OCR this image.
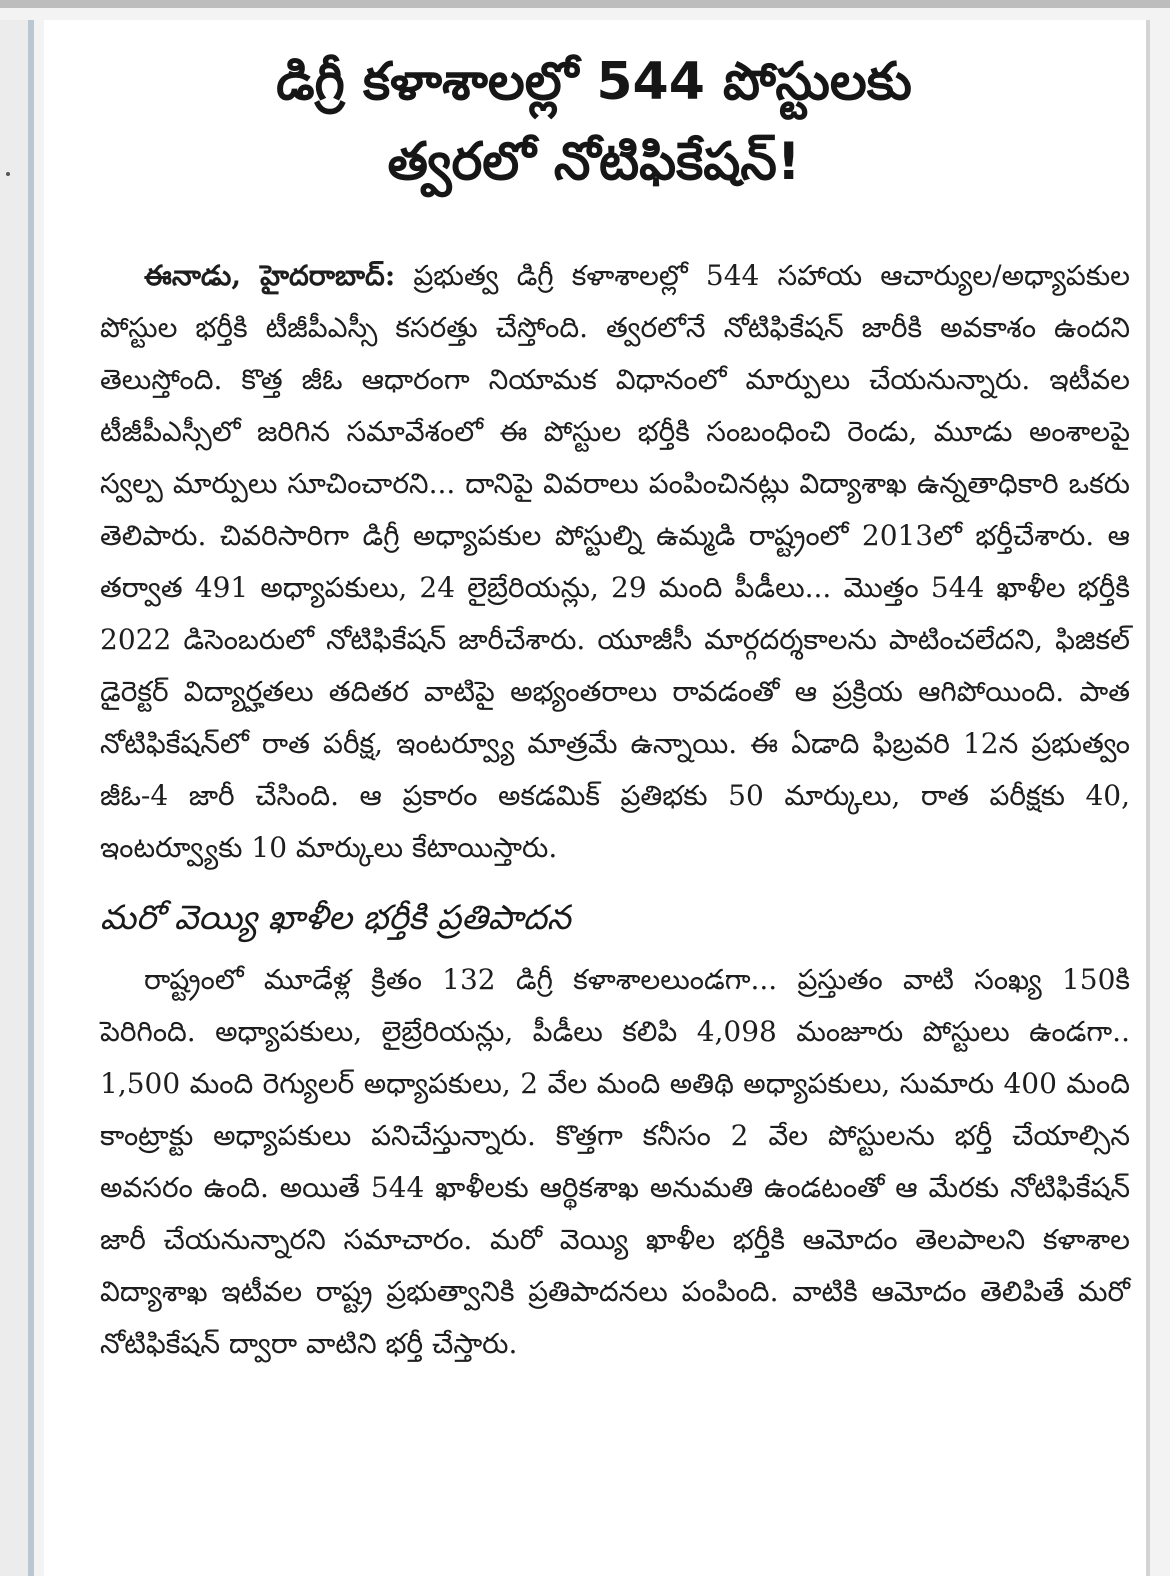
డిగ్రీ కళాశాలల్లో 544 పోస్టులకు
త్వరలో నోటిఫికేషన్‌!

ఈనాడు, హైదరాబాద్‌: ప్రభుత్వ డిగ్రీ కళాశాలల్లో 544 సహాయ ఆచార్యుల/అధ్యాపకుల పోస్టుల భర్తీకి టీజీపీఎస్సీ కసరత్తు చేస్తోంది. త్వరలోనే నోటిఫికేషన్‌ జారీకి అవకాశం ఉందని తెలుస్తోంది. కొత్త జీఓ ఆధారంగా నియామక విధానంలో మార్పులు చేయనున్నారు. ఇటీవల టీజీపీఎస్సీలో జరిగిన సమావేశంలో ఈ పోస్టుల భర్తీకి సంబంధించి రెండు, మూడు అంశాలపై స్వల్ప మార్పులు సూచించారని... దానిపై వివరాలు పంపించినట్లు విద్యాశాఖ ఉన్నతాధికారి ఒకరు తెలిపారు. చివరిసారిగా డిగ్రీ అధ్యాపకుల పోస్టుల్ని ఉమ్మడి రాష్ట్రంలో 2013లో భర్తీచేశారు. ఆ తర్వాత 491 అధ్యాపకులు, 24 లైబ్రేరియన్లు, 29 మంది పీడీలు... మొత్తం 544 ఖాళీల భర్తీకి 2022 డిసెంబరులో నోటిఫికేషన్‌ జారీచేశారు. యూజీసీ మార్గదర్శకాలను పాటించలేదని, ఫిజికల్‌ డైరెక్టర్‌ విద్యార్హతలు తదితర వాటిపై అభ్యంతరాలు రావడంతో ఆ ప్రక్రియ ఆగిపోయింది. పాత నోటిఫికేషన్‌లో రాత పరీక్ష, ఇంటర్వ్యూ మాత్రమే ఉన్నాయి. ఈ ఏడాది ఫిబ్రవరి 12న ప్రభుత్వం జీఓ-4 జారీ చేసింది. ఆ ప్రకారం అకడమిక్‌ ప్రతిభకు 50 మార్కులు, రాత పరీక్షకు 40, ఇంటర్వ్యూకు 10 మార్కులు కేటాయిస్తారు.

మరో వెయ్యి ఖాళీల భర్తీకి ప్రతిపాదన

రాష్ట్రంలో మూడేళ్ల క్రితం 132 డిగ్రీ కళాశాలలుండగా... ప్రస్తుతం వాటి సంఖ్య 150కి పెరిగింది. అధ్యాపకులు, లైబ్రేరియన్లు, పీడీలు కలిపి 4,098 మంజూరు పోస్టులు ఉండగా.. 1,500 మంది రెగ్యులర్‌ అధ్యాపకులు, 2 వేల మంది అతిథి అధ్యాపకులు, సుమారు 400 మంది కాంట్రాక్టు అధ్యాపకులు పనిచేస్తున్నారు. కొత్తగా కనీసం 2 వేల పోస్టులను భర్తీ చేయాల్సిన అవసరం ఉంది. అయితే 544 ఖాళీలకు ఆర్థికశాఖ అనుమతి ఉండటంతో ఆ మేరకు నోటిఫికేషన్‌ జారీ చేయనున్నారని సమాచారం. మరో వెయ్యి ఖాళీల భర్తీకి ఆమోదం తెలపాలని కళాశాల విద్యాశాఖ ఇటీవల రాష్ట్ర ప్రభుత్వానికి ప్రతిపాదనలు పంపింది. వాటికి ఆమోదం తెలిపితే మరో నోటిఫికేషన్‌ ద్వారా వాటిని భర్తీ చేస్తారు.
